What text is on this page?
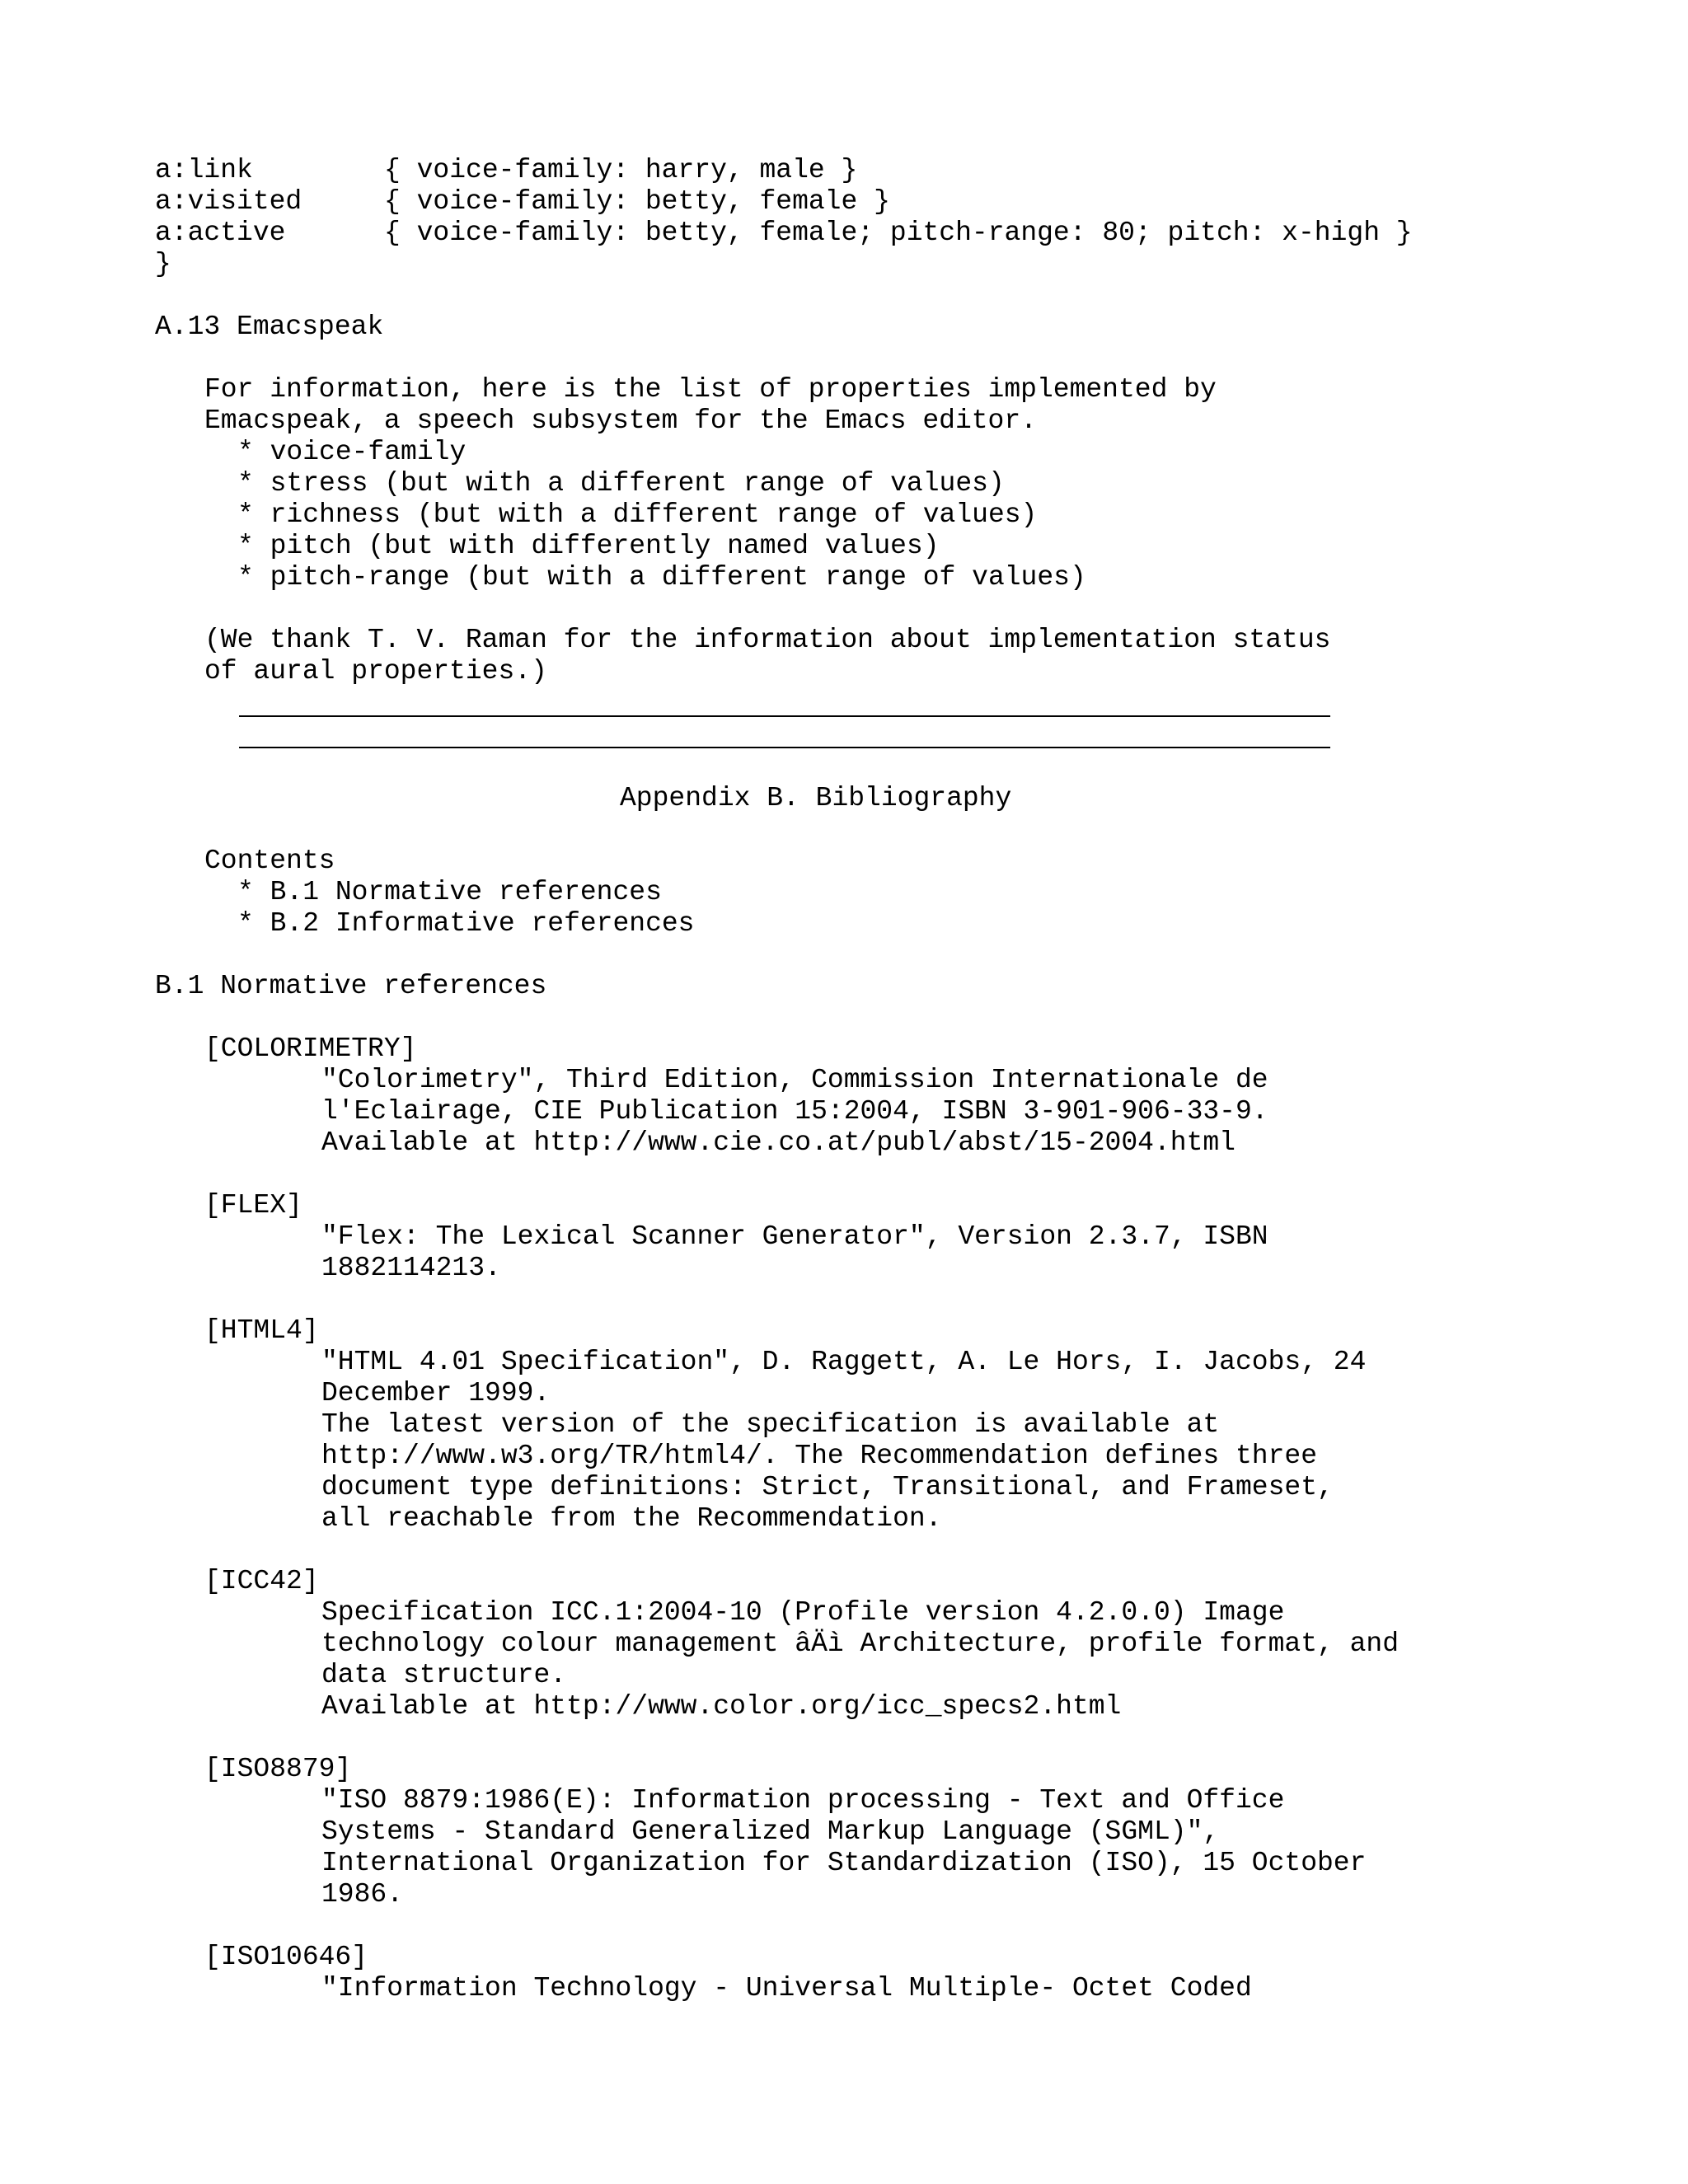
a:link	{ voice-family: harry, male }
a:visited	{ voice-family: betty, female }
a:active	{ voice-family: betty, female; pitch-range: 80; pitch: x-high }
}
A.13 Emacspeak
For information, here is the list of properties implemented by
Emacspeak, a speech subsystem for the Emacs editor.
* voice-family
* stress (but with a different range of values)
* richness (but with a different range of values)
* pitch (but with differently named values)
* pitch-range (but with a different range of values)
(We thank T. V. Raman for the information about implementation status
of aural properties.)
Appendix B. Bibliography
Contents
* B.1 Normative references
* B.2 Informative references
B.1 Normative references
[COLORIMETRY]
"Colorimetry", Third Edition, Commission Internationale de
l'Eclairage, CIE Publication 15:2004, ISBN 3-901-906-33-9.
Available at http://www.cie.co.at/publ/abst/15-2004.html
[FLEX]
"Flex: The Lexical Scanner Generator", Version 2.3.7, ISBN
1882114213.
[HTML4]
"HTML 4.01 Specification", D. Raggett, A. Le Hors, I. Jacobs, 24
December 1999.
The latest version of the specification is available at
http://www.w3.org/TR/html4/. The Recommendation defines three
document type definitions: Strict, Transitional, and Frameset,
all reachable from the Recommendation.
[ICC42]
Specification ICC.1:2004-10 (Profile version 4.2.0.0) Image
technology colour management âÄì Architecture, profile format, and
data structure.
Available at http://www.color.org/icc_specs2.html
[ISO8879]
"ISO 8879:1986(E): Information processing - Text and Office
Systems - Standard Generalized Markup Language (SGML)",
International Organization for Standardization (ISO), 15 October
1986.
[ISO10646]
"Information Technology - Universal Multiple- Octet Coded
